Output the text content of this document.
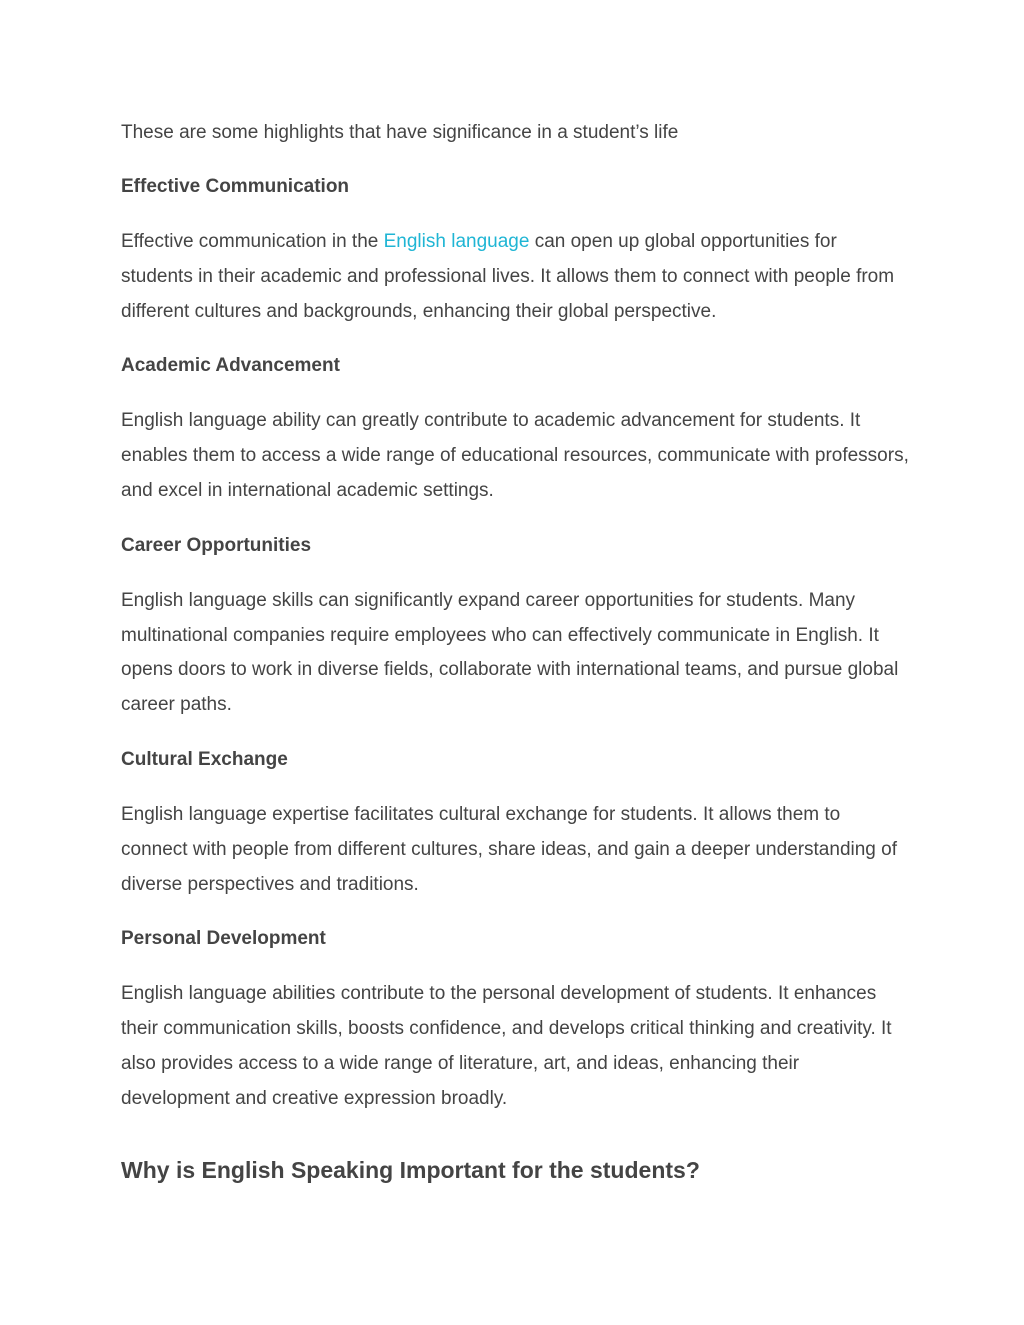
These are some highlights that have significance in a student’s life

Effective Communication

Effective communication in the English language can open up global opportunities for students in their academic and professional lives. It allows them to connect with people from different cultures and backgrounds, enhancing their global perspective.

Academic Advancement

English language ability can greatly contribute to academic advancement for students. It enables them to access a wide range of educational resources, communicate with professors, and excel in international academic settings.

Career Opportunities

English language skills can significantly expand career opportunities for students. Many multinational companies require employees who can effectively communicate in English. It opens doors to work in diverse fields, collaborate with international teams, and pursue global career paths.

Cultural Exchange

English language expertise facilitates cultural exchange for students. It allows them to connect with people from different cultures, share ideas, and gain a deeper understanding of diverse perspectives and traditions.

Personal Development

English language abilities contribute to the personal development of students. It enhances their communication skills, boosts confidence, and develops critical thinking and creativity. It also provides access to a wide range of literature, art, and ideas, enhancing their development and creative expression broadly.

Why is English Speaking Important for the students?
